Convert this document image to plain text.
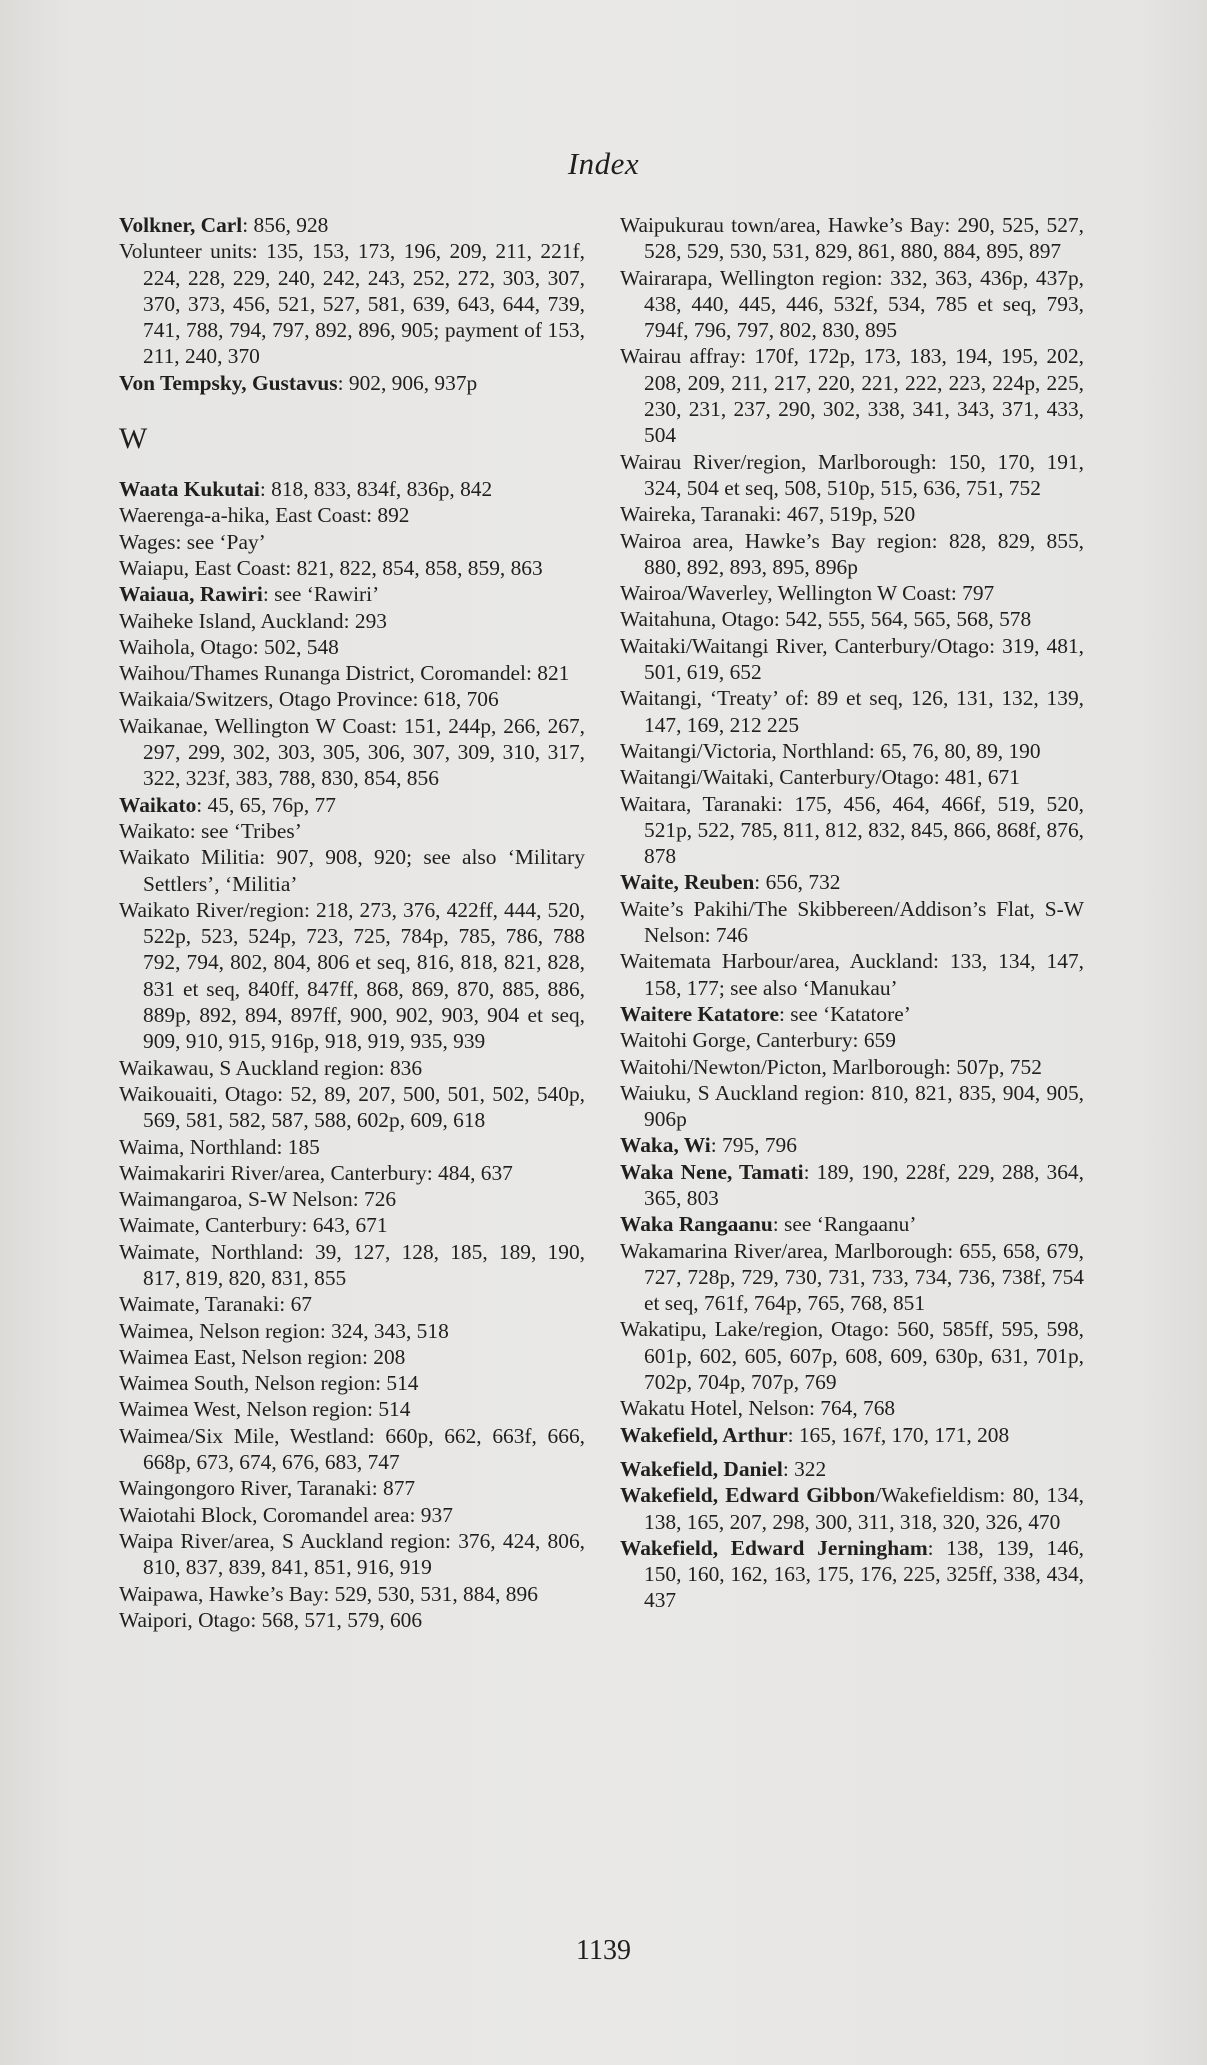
Index

Volkner, Carl: 856, 928

Volunteer units: 135, 153, 173, 196, 209, 211, 221f, 224, 228, 229, 240, 242, 243, 252, 272, 303, 307, 370, 373, 456, 521, 527, 581, 639, 643, 644, 739, 741, 788, 794, 797, 892, 896, 905; payment of 153, 211, 240, 370

Von Tempsky, Gustavus: 902, 906, 937p

W

Waata Kukutai: 818, 833, 834f, 836p, 842

Waerenga-a-hika, East Coast: 892

Wages: see ‘Pay’

Waiapu, East Coast: 821, 822, 854, 858, 859, 863

Waiaua, Rawiri: see ‘Rawiri’

Waiheke Island, Auckland: 293

Waihola, Otago: 502, 548

Waihou/Thames Runanga District, Coromandel: 821

Waikaia/Switzers, Otago Province: 618, 706

Waikanae, Wellington W Coast: 151, 244p, 266, 267, 297, 299, 302, 303, 305, 306, 307, 309, 310, 317, 322, 323f, 383, 788, 830, 854, 856

Waikato: 45, 65, 76p, 77

Waikato: see ‘Tribes’

Waikato Militia: 907, 908, 920; see also ‘Military Settlers’, ‘Militia’

Waikato River/region: 218, 273, 376, 422ff, 444, 520, 522p, 523, 524p, 723, 725, 784p, 785, 786, 788 792, 794, 802, 804, 806 et seq, 816, 818, 821, 828, 831 et seq, 840ff, 847ff, 868, 869, 870, 885, 886, 889p, 892, 894, 897ff, 900, 902, 903, 904 et seq, 909, 910, 915, 916p, 918, 919, 935, 939

Waikawau, S Auckland region: 836

Waikouaiti, Otago: 52, 89, 207, 500, 501, 502, 540p, 569, 581, 582, 587, 588, 602p, 609, 618

Waima, Northland: 185

Waimakariri River/area, Canterbury: 484, 637

Waimangaroa, S-W Nelson: 726

Waimate, Canterbury: 643, 671

Waimate, Northland: 39, 127, 128, 185, 189, 190, 817, 819, 820, 831, 855

Waimate, Taranaki: 67

Waimea, Nelson region: 324, 343, 518

Waimea East, Nelson region: 208

Waimea South, Nelson region: 514

Waimea West, Nelson region: 514

Waimea/Six Mile, Westland: 660p, 662, 663f, 666, 668p, 673, 674, 676, 683, 747

Waingongoro River, Taranaki: 877

Waiotahi Block, Coromandel area: 937

Waipa River/area, S Auckland region: 376, 424, 806, 810, 837, 839, 841, 851, 916, 919

Waipawa, Hawke’s Bay: 529, 530, 531, 884, 896

Waipori, Otago: 568, 571, 579, 606

Waipukurau town/area, Hawke’s Bay: 290, 525, 527, 528, 529, 530, 531, 829, 861, 880, 884, 895, 897

Wairarapa, Wellington region: 332, 363, 436p, 437p, 438, 440, 445, 446, 532f, 534, 785 et seq, 793, 794f, 796, 797, 802, 830, 895

Wairau affray: 170f, 172p, 173, 183, 194, 195, 202, 208, 209, 211, 217, 220, 221, 222, 223, 224p, 225, 230, 231, 237, 290, 302, 338, 341, 343, 371, 433, 504

Wairau River/region, Marlborough: 150, 170, 191, 324, 504 et seq, 508, 510p, 515, 636, 751, 752

Waireka, Taranaki: 467, 519p, 520

Wairoa area, Hawke’s Bay region: 828, 829, 855, 880, 892, 893, 895, 896p

Wairoa/Waverley, Wellington W Coast: 797

Waitahuna, Otago: 542, 555, 564, 565, 568, 578

Waitaki/Waitangi River, Canterbury/Otago: 319, 481, 501, 619, 652

Waitangi, ‘Treaty’ of: 89 et seq, 126, 131, 132, 139, 147, 169, 212 225

Waitangi/Victoria, Northland: 65, 76, 80, 89, 190

Waitangi/Waitaki, Canterbury/Otago: 481, 671

Waitara, Taranaki: 175, 456, 464, 466f, 519, 520, 521p, 522, 785, 811, 812, 832, 845, 866, 868f, 876, 878

Waite, Reuben: 656, 732

Waite’s Pakihi/The Skibbereen/Addison’s Flat, S-W Nelson: 746

Waitemata Harbour/area, Auckland: 133, 134, 147, 158, 177; see also ‘Manukau’

Waitere Katatore: see ‘Katatore’

Waitohi Gorge, Canterbury: 659

Waitohi/Newton/Picton, Marlborough: 507p, 752

Waiuku, S Auckland region: 810, 821, 835, 904, 905, 906p

Waka, Wi: 795, 796

Waka Nene, Tamati: 189, 190, 228f, 229, 288, 364, 365, 803

Waka Rangaanu: see ‘Rangaanu’

Wakamarina River/area, Marlborough: 655, 658, 679, 727, 728p, 729, 730, 731, 733, 734, 736, 738f, 754 et seq, 761f, 764p, 765, 768, 851

Wakatipu, Lake/region, Otago: 560, 585ff, 595, 598, 601p, 602, 605, 607p, 608, 609, 630p, 631, 701p, 702p, 704p, 707p, 769

Wakatu Hotel, Nelson: 764, 768

Wakefield, Arthur: 165, 167f, 170, 171, 208

Wakefield, Daniel: 322

Wakefield, Edward Gibbon/Wakefieldism: 80, 134, 138, 165, 207, 298, 300, 311, 318, 320, 326, 470

Wakefield, Edward Jerningham: 138, 139, 146, 150, 160, 162, 163, 175, 176, 225, 325ff, 338, 434, 437

1139
